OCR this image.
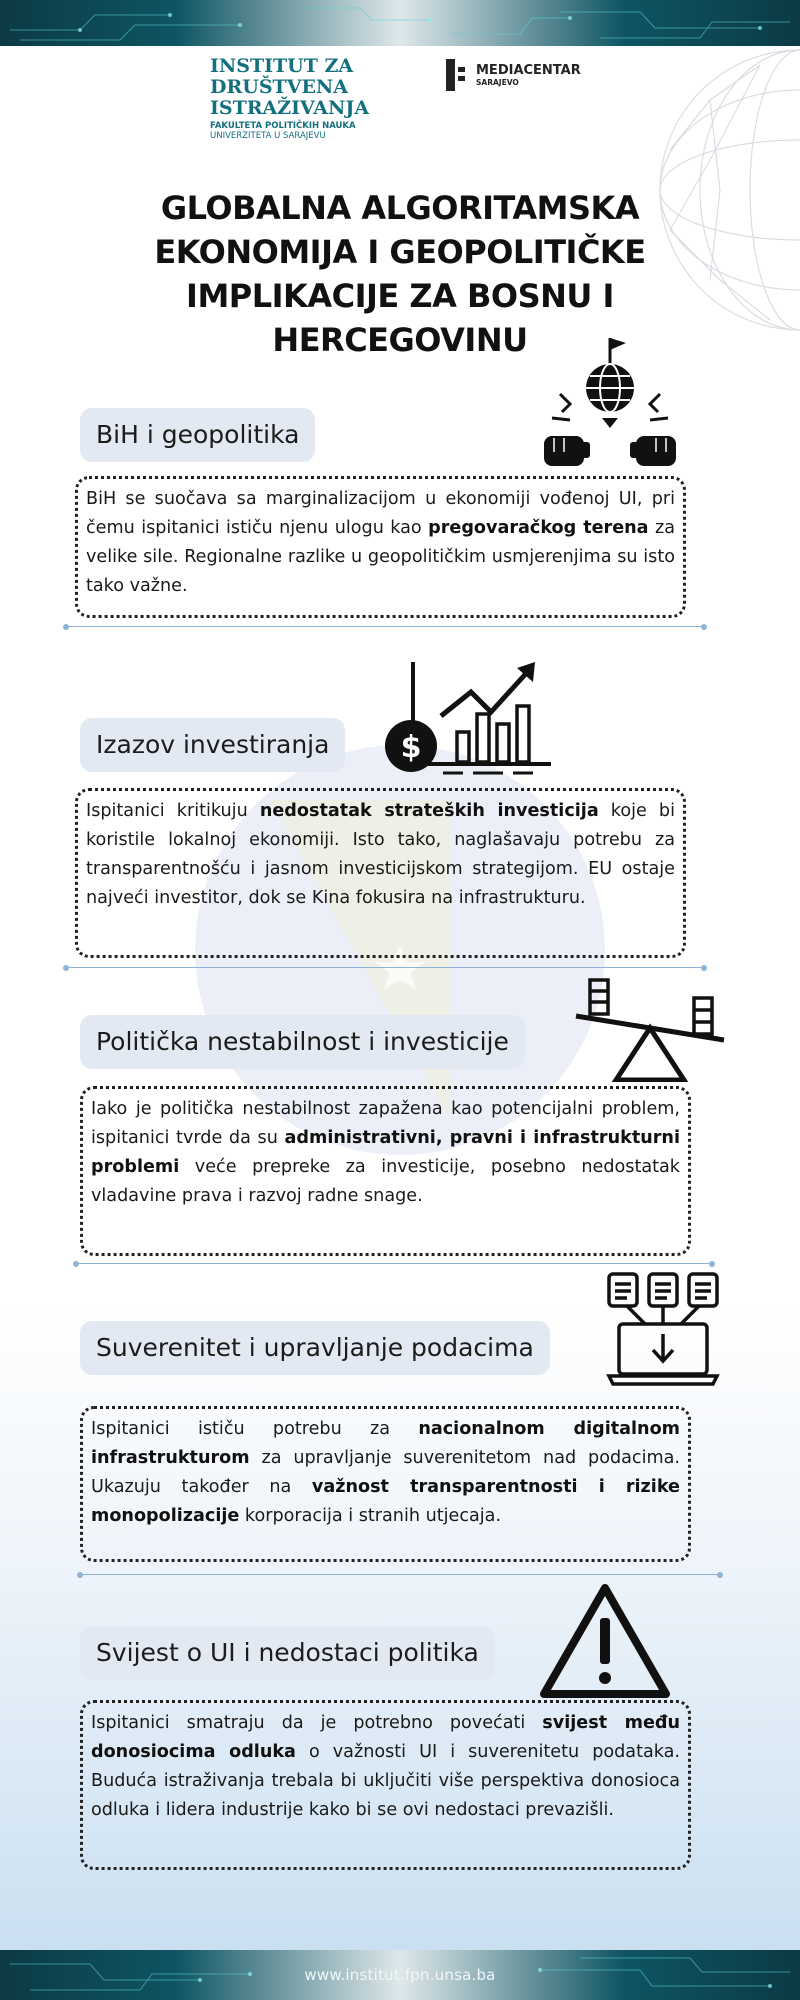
INSTITUT ZA
DRUŠTVENA
ISTRAŽIVANJA
FAKULTETA POLITIČKIH NAUKA
UNIVERZITETA U SARAJEVU
MEDIACENTAR
SARAJEVO
GLOBALNA ALGORITAMSKA
EKONOMIJA I GEOPOLITIČKE
IMPLIKACIJE ZA BOSNU I
HERCEGOVINU
BiH i geopolitika
BiH se suočava sa marginalizacijom u ekonomiji vođenoj UI, pri čemu ispitanici ističu njenu ulogu kao pregovaračkog terena za velike sile. Regionalne razlike u geopolitičkim usmjerenjima su isto tako važne.
Izazov investiranja	$
Ispitanici kritikuju nedostatak strateških investicija koje bi koristile lokalnoj ekonomiji. Isto tako, naglašavaju potrebu za transparentnošću i jasnom investicijskom strategijom. EU ostaje najveći investitor, dok se Kina fokusira na infrastrukturu.
Politička nestabilnost i investicije
Iako je politička nestabilnost zapažena kao potencijalni problem, ispitanici tvrde da su administrativni, pravni i infrastrukturni problemi veće prepreke za investicije, posebno nedostatak vladavine prava i razvoj radne snage.
Suverenitet i upravljanje podacima
Ispitanici ističu potrebu za nacionalnom digitalnom infrastrukturom za upravljanje suverenitetom nad podacima. Ukazuju također na važnost transparentnosti i rizike monopolizacije korporacija i stranih utjecaja.
Svijest o UI i nedostaci politika
Ispitanici smatraju da je potrebno povećati svijest među donosiocima odluka o važnosti UI i suverenitetu podataka. Buduća istraživanja trebala bi uključiti više perspektiva donosioca odluka i lidera industrije kako bi se ovi nedostaci prevazišli.
www.institut.fpn.unsa.ba
